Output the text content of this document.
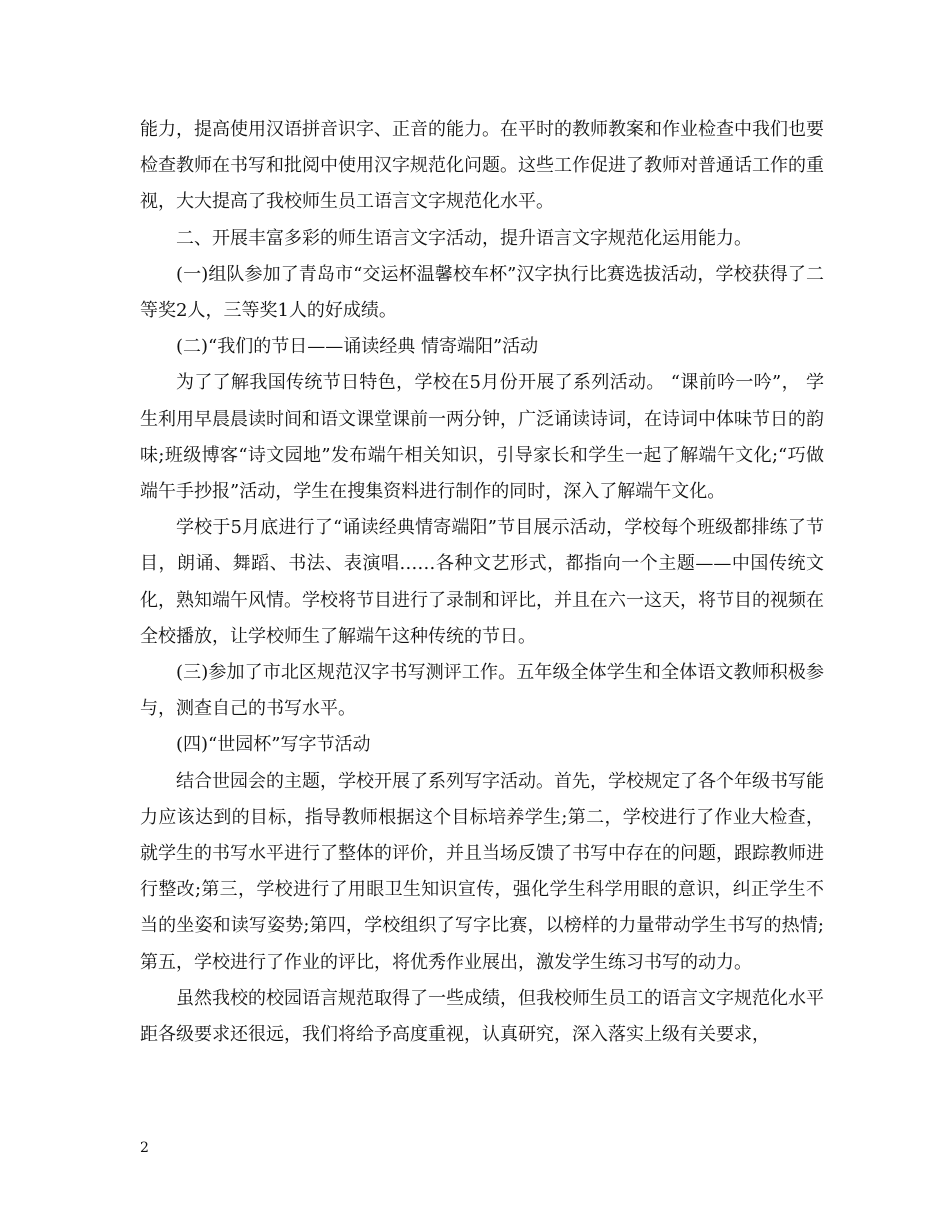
能力，提高使用汉语拼音识字、正音的能力。在平时的教师教案和作业检查中我们也要检查教师在书写和批阅中使用汉字规范化问题。这些工作促进了教师对普通话工作的重视，大大提高了我校师生员工语言文字规范化水平。

二、开展丰富多彩的师生语言文字活动，提升语言文字规范化运用能力。

(一)组队参加了青岛市“交运杯温馨校车杯”汉字执行比赛选拔活动，学校获得了二等奖2人，三等奖1人的好成绩。

(二)“我们的节日——诵读经典 情寄端阳”活动

为了了解我国传统节日特色，学校在5月份开展了系列活动。 “课前吟一吟”， 学生利用早晨晨读时间和语文课堂课前一两分钟，广泛诵读诗词，在诗词中体味节日的韵味;班级博客“诗文园地”发布端午相关知识，引导家长和学生一起了解端午文化;“巧做端午手抄报”活动，学生在搜集资料进行制作的同时，深入了解端午文化。

学校于5月底进行了“诵读经典情寄端阳”节目展示活动，学校每个班级都排练了节目，朗诵、舞蹈、书法、表演唱……各种文艺形式，都指向一个主题——中国传统文化，熟知端午风情。学校将节目进行了录制和评比，并且在六一这天，将节目的视频在全校播放，让学校师生了解端午这种传统的节日。

(三)参加了市北区规范汉字书写测评工作。五年级全体学生和全体语文教师积极参与，测查自己的书写水平。

(四)“世园杯”写字节活动

结合世园会的主题，学校开展了系列写字活动。首先，学校规定了各个年级书写能力应该达到的目标，指导教师根据这个目标培养学生;第二，学校进行了作业大检查，就学生的书写水平进行了整体的评价，并且当场反馈了书写中存在的问题，跟踪教师进行整改;第三，学校进行了用眼卫生知识宣传，强化学生科学用眼的意识，纠正学生不当的坐姿和读写姿势;第四，学校组织了写字比赛，以榜样的力量带动学生书写的热情;第五，学校进行了作业的评比，将优秀作业展出，激发学生练习书写的动力。

虽然我校的校园语言规范取得了一些成绩，但我校师生员工的语言文字规范化水平距各级要求还很远，我们将给予高度重视，认真研究，深入落实上级有关要求，

2
